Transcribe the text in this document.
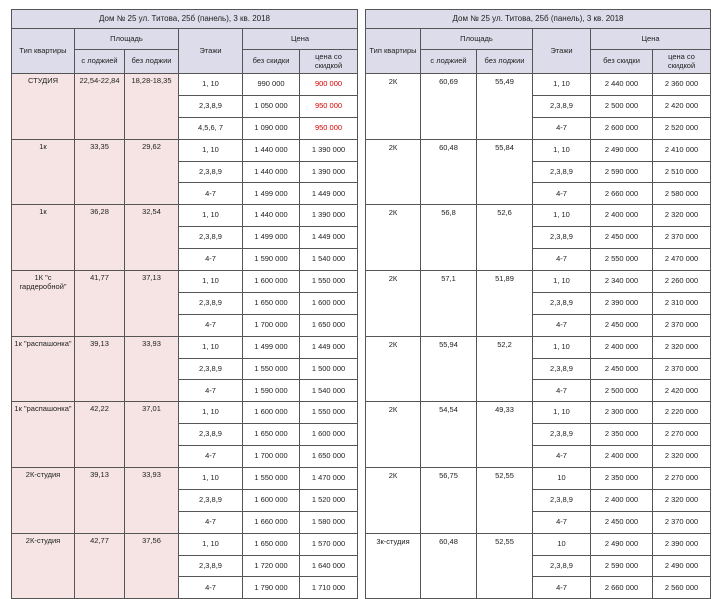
Дом № 25 ул. Титова, 25б (панель), 3 кв. 2018					
Тип квартиры	Площадь		Этажи	Цена	
	с лоджией	без лоджии		без скидки	цена со скидкой
СТУДИЯ	22,54-22,84	18,28-18,35	1, 10	990 000	900 000
			2,3,8,9	1 050 000	950 000
			4,5,6, 7	1 090 000	950 000
1к	33,35	29,62	1, 10	1 440 000	1 390 000
			2,3,8,9	1 440 000	1 390 000
			4-7	1 499 000	1 449 000
1к	36,28	32,54	1, 10	1 440 000	1 390 000
			2,3,8,9	1 499 000	1 449 000
			4-7	1 590 000	1 540 000
1К "с гардеробной"	41,77	37,13	1, 10	1 600 000	1 550 000
			2,3,8,9	1 650 000	1 600 000
			4-7	1 700 000	1 650 000
1к "распашонка"	39,13	33,93	1, 10	1 499 000	1 449 000
			2,3,8,9	1 550 000	1 500 000
			4-7	1 590 000	1 540 000
1к "распашонка"	42,22	37,01	1, 10	1 600 000	1 550 000
			2,3,8,9	1 650 000	1 600 000
			4-7	1 700 000	1 650 000
2К-студия	39,13	33,93	1, 10	1 550 000	1 470 000
			2,3,8,9	1 600 000	1 520 000
			4-7	1 660 000	1 580 000
2К-студия	42,77	37,56	1, 10	1 650 000	1 570 000
			2,3,8,9	1 720 000	1 640 000
			4-7	1 790 000	1 710 000
Дом № 25 ул. Титова, 25б (панель), 3 кв. 2018					
Тип квартиры	Площадь		Этажи	Цена	
	с лоджией	без лоджии		без скидки	цена со скидкой
2К	60,69	55,49	1, 10	2 440 000	2 360 000
			2,3,8,9	2 500 000	2 420 000
			4-7	2 600 000	2 520 000
2К	60,48	55,84	1, 10	2 490 000	2 410 000
			2,3,8,9	2 590 000	2 510 000
			4-7	2 660 000	2 580 000
2К	56,8	52,6	1, 10	2 400 000	2 320 000
			2,3,8,9	2 450 000	2 370 000
			4-7	2 550 000	2 470 000
2К	57,1	51,89	1, 10	2 340 000	2 260 000
			2,3,8,9	2 390 000	2 310 000
			4-7	2 450 000	2 370 000
2К	55,94	52,2	1, 10	2 400 000	2 320 000
			2,3,8,9	2 450 000	2 370 000
			4-7	2 500 000	2 420 000
2К	54,54	49,33	1, 10	2 300 000	2 220 000
			2,3,8,9	2 350 000	2 270 000
			4-7	2 400 000	2 320 000
2К	56,75	52,55	10	2 350 000	2 270 000
			2,3,8,9	2 400 000	2 320 000
			4-7	2 450 000	2 370 000
3к-студия	60,48	52,55	10	2 490 000	2 390 000
			2,3,8,9	2 590 000	2 490 000
			4-7	2 660 000	2 560 000
